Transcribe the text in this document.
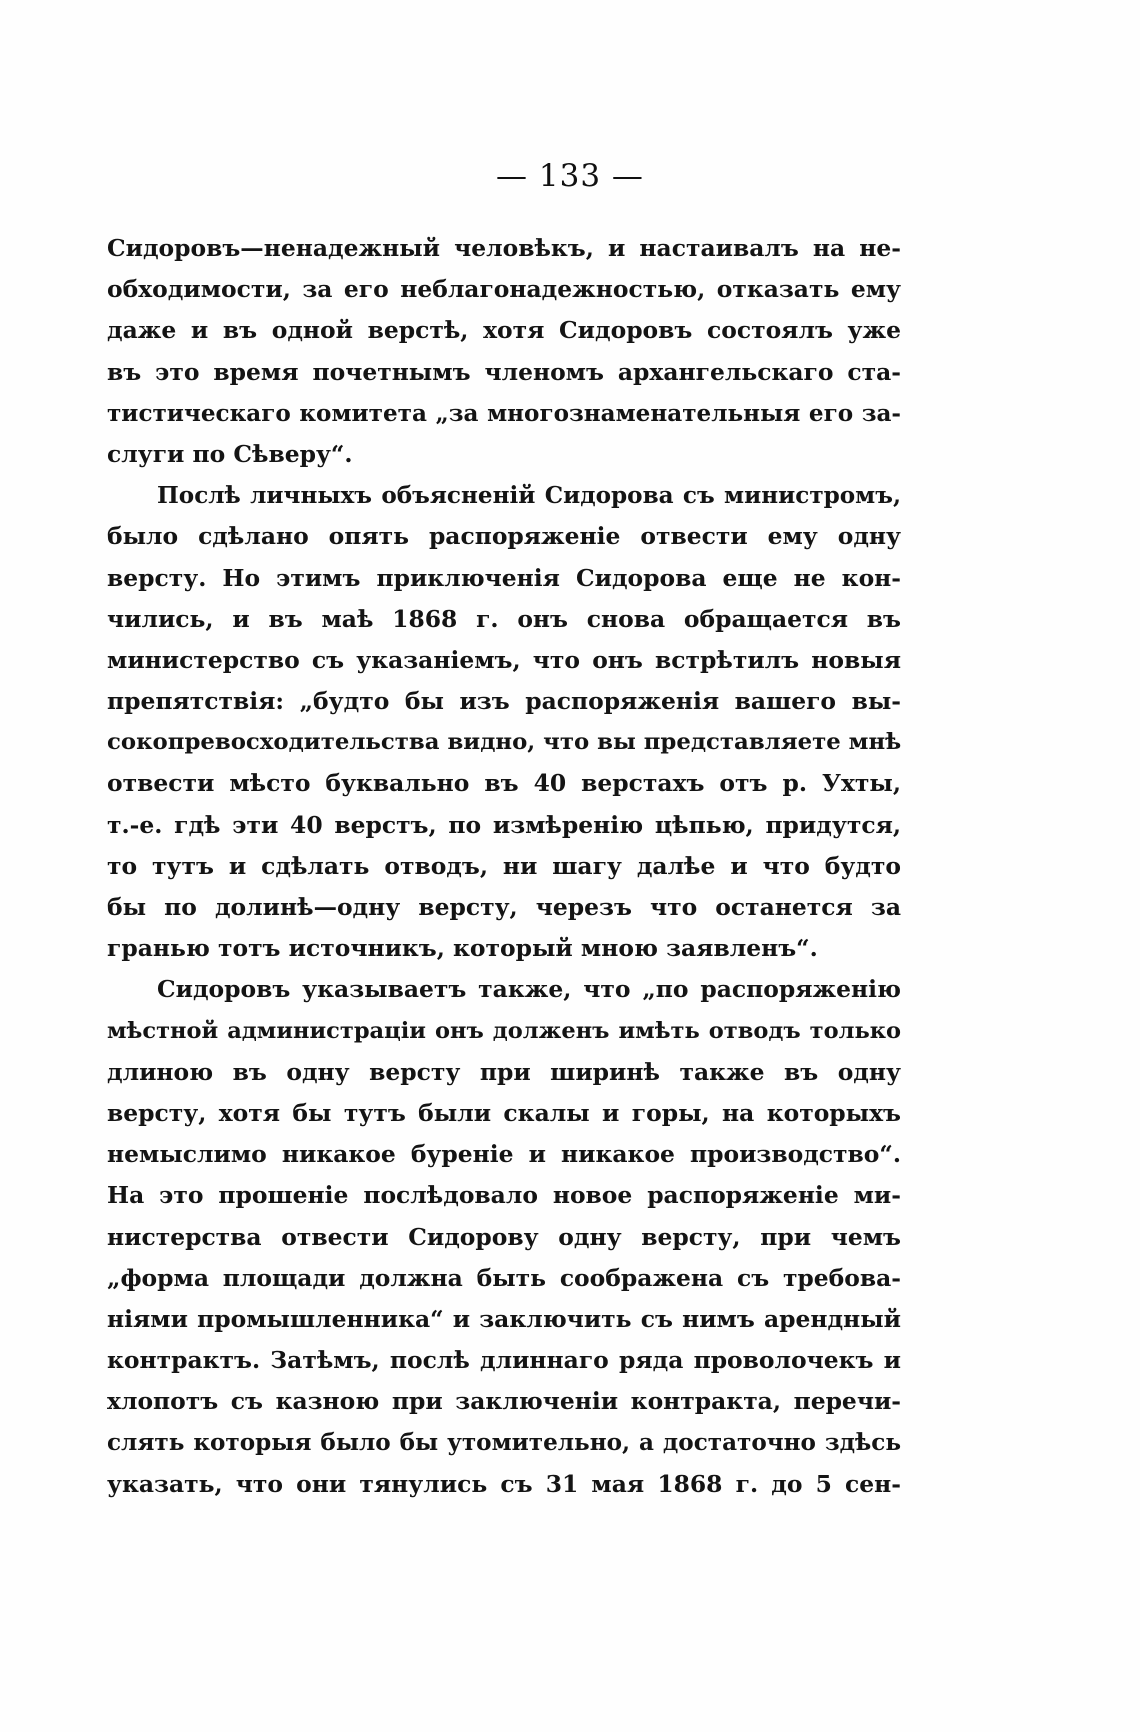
— 133 —
Сидоровъ—ненадежный человѣкъ, и настаивалъ на не-
обходимости, за его неблагонадежностью, отказать ему
даже и въ одной верстѣ, хотя Сидоровъ состоялъ уже
въ это время почетнымъ членомъ архангельскаго ста-
тистическаго комитета „за многознаменательныя его за-
слуги по Сѣверу“.
Послѣ личныхъ объясненій Сидорова съ министромъ,
было сдѣлано опять распоряженіе отвести ему одну
версту. Но этимъ приключенія Сидорова еще не кон-
чились, и въ маѣ 1868 г. онъ снова обращается въ
министерство съ указаніемъ, что онъ встрѣтилъ новыя
препятствія: „будто бы изъ распоряженія вашего вы-
сокопревосходительства видно, что вы представляете мнѣ
отвести мѣсто буквально въ 40 верстахъ отъ р. Ухты,
т.-е. гдѣ эти 40 верстъ, по измѣренію цѣпью, придутся,
то тутъ и сдѣлать отводъ, ни шагу далѣе и что будто
бы по долинѣ—одну версту, черезъ что останется за
гранью тотъ источникъ, который мною заявленъ“.
Сидоровъ указываетъ также, что „по распоряженію
мѣстной администраціи онъ долженъ имѣть отводъ только
длиною въ одну версту при ширинѣ также въ одну
версту, хотя бы тутъ были скалы и горы, на которыхъ
немыслимо никакое буреніе и никакое производство“.
На это прошеніе послѣдовало новое распоряженіе ми-
нистерства отвести Сидорову одну версту, при чемъ
„форма площади должна быть соображена съ требова-
ніями промышленника“ и заключить съ нимъ арендный
контрактъ. Затѣмъ, послѣ длиннаго ряда проволочекъ и
хлопотъ съ казною при заключеніи контракта, перечи-
слять которыя было бы утомительно, а достаточно здѣсь
указать, что они тянулись съ 31 мая 1868 г. до 5 сен-
